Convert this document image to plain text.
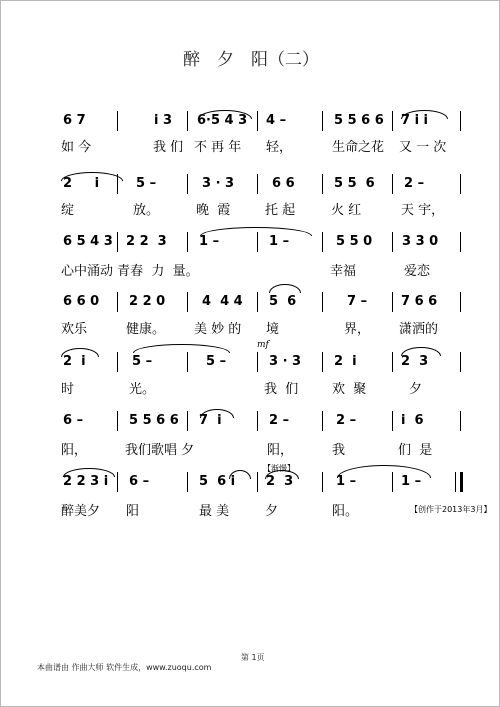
醉　夕　阳（二）
6 7	i 3 6·5 4 3 4 –	5 5 6 6 7 i i
如 今	我 们 不 再 年 轻，	生命之花 又 一 次
2     i	5 –	3 · 3	6 6	5 5  6 2 –
绽	放。	晚  霞	托 起	火 红	天 宇，
6 5 4 3 2 2  3 1 –	1 –	5 5 0 3 3 0
心中涌动 青春  力  量。	幸福	爱恋
6 6 0 2 2 0	4  4 4 5  6	7 –	7 6 6
欢乐	健康。 美 妙 的 境	界， 潇洒的
2  i	5 –	5 –	3 · 3	2  i	2  3
时	光。	我  们	欢  聚	夕
6 –	5 5 6 6 7  i	2 –	2 –	i  6
阳，	我们歌唱 夕	阳，	我	们  是
2 2 3 i 6 –	5  6 i 2  3	1 –	1 –
醉美夕 阳	最 美	夕	阳。
mf
【渐慢】
【创作于2013年3月】
第 1页
本曲谱由 作曲大师 软件生成，www.zuoqu.com
